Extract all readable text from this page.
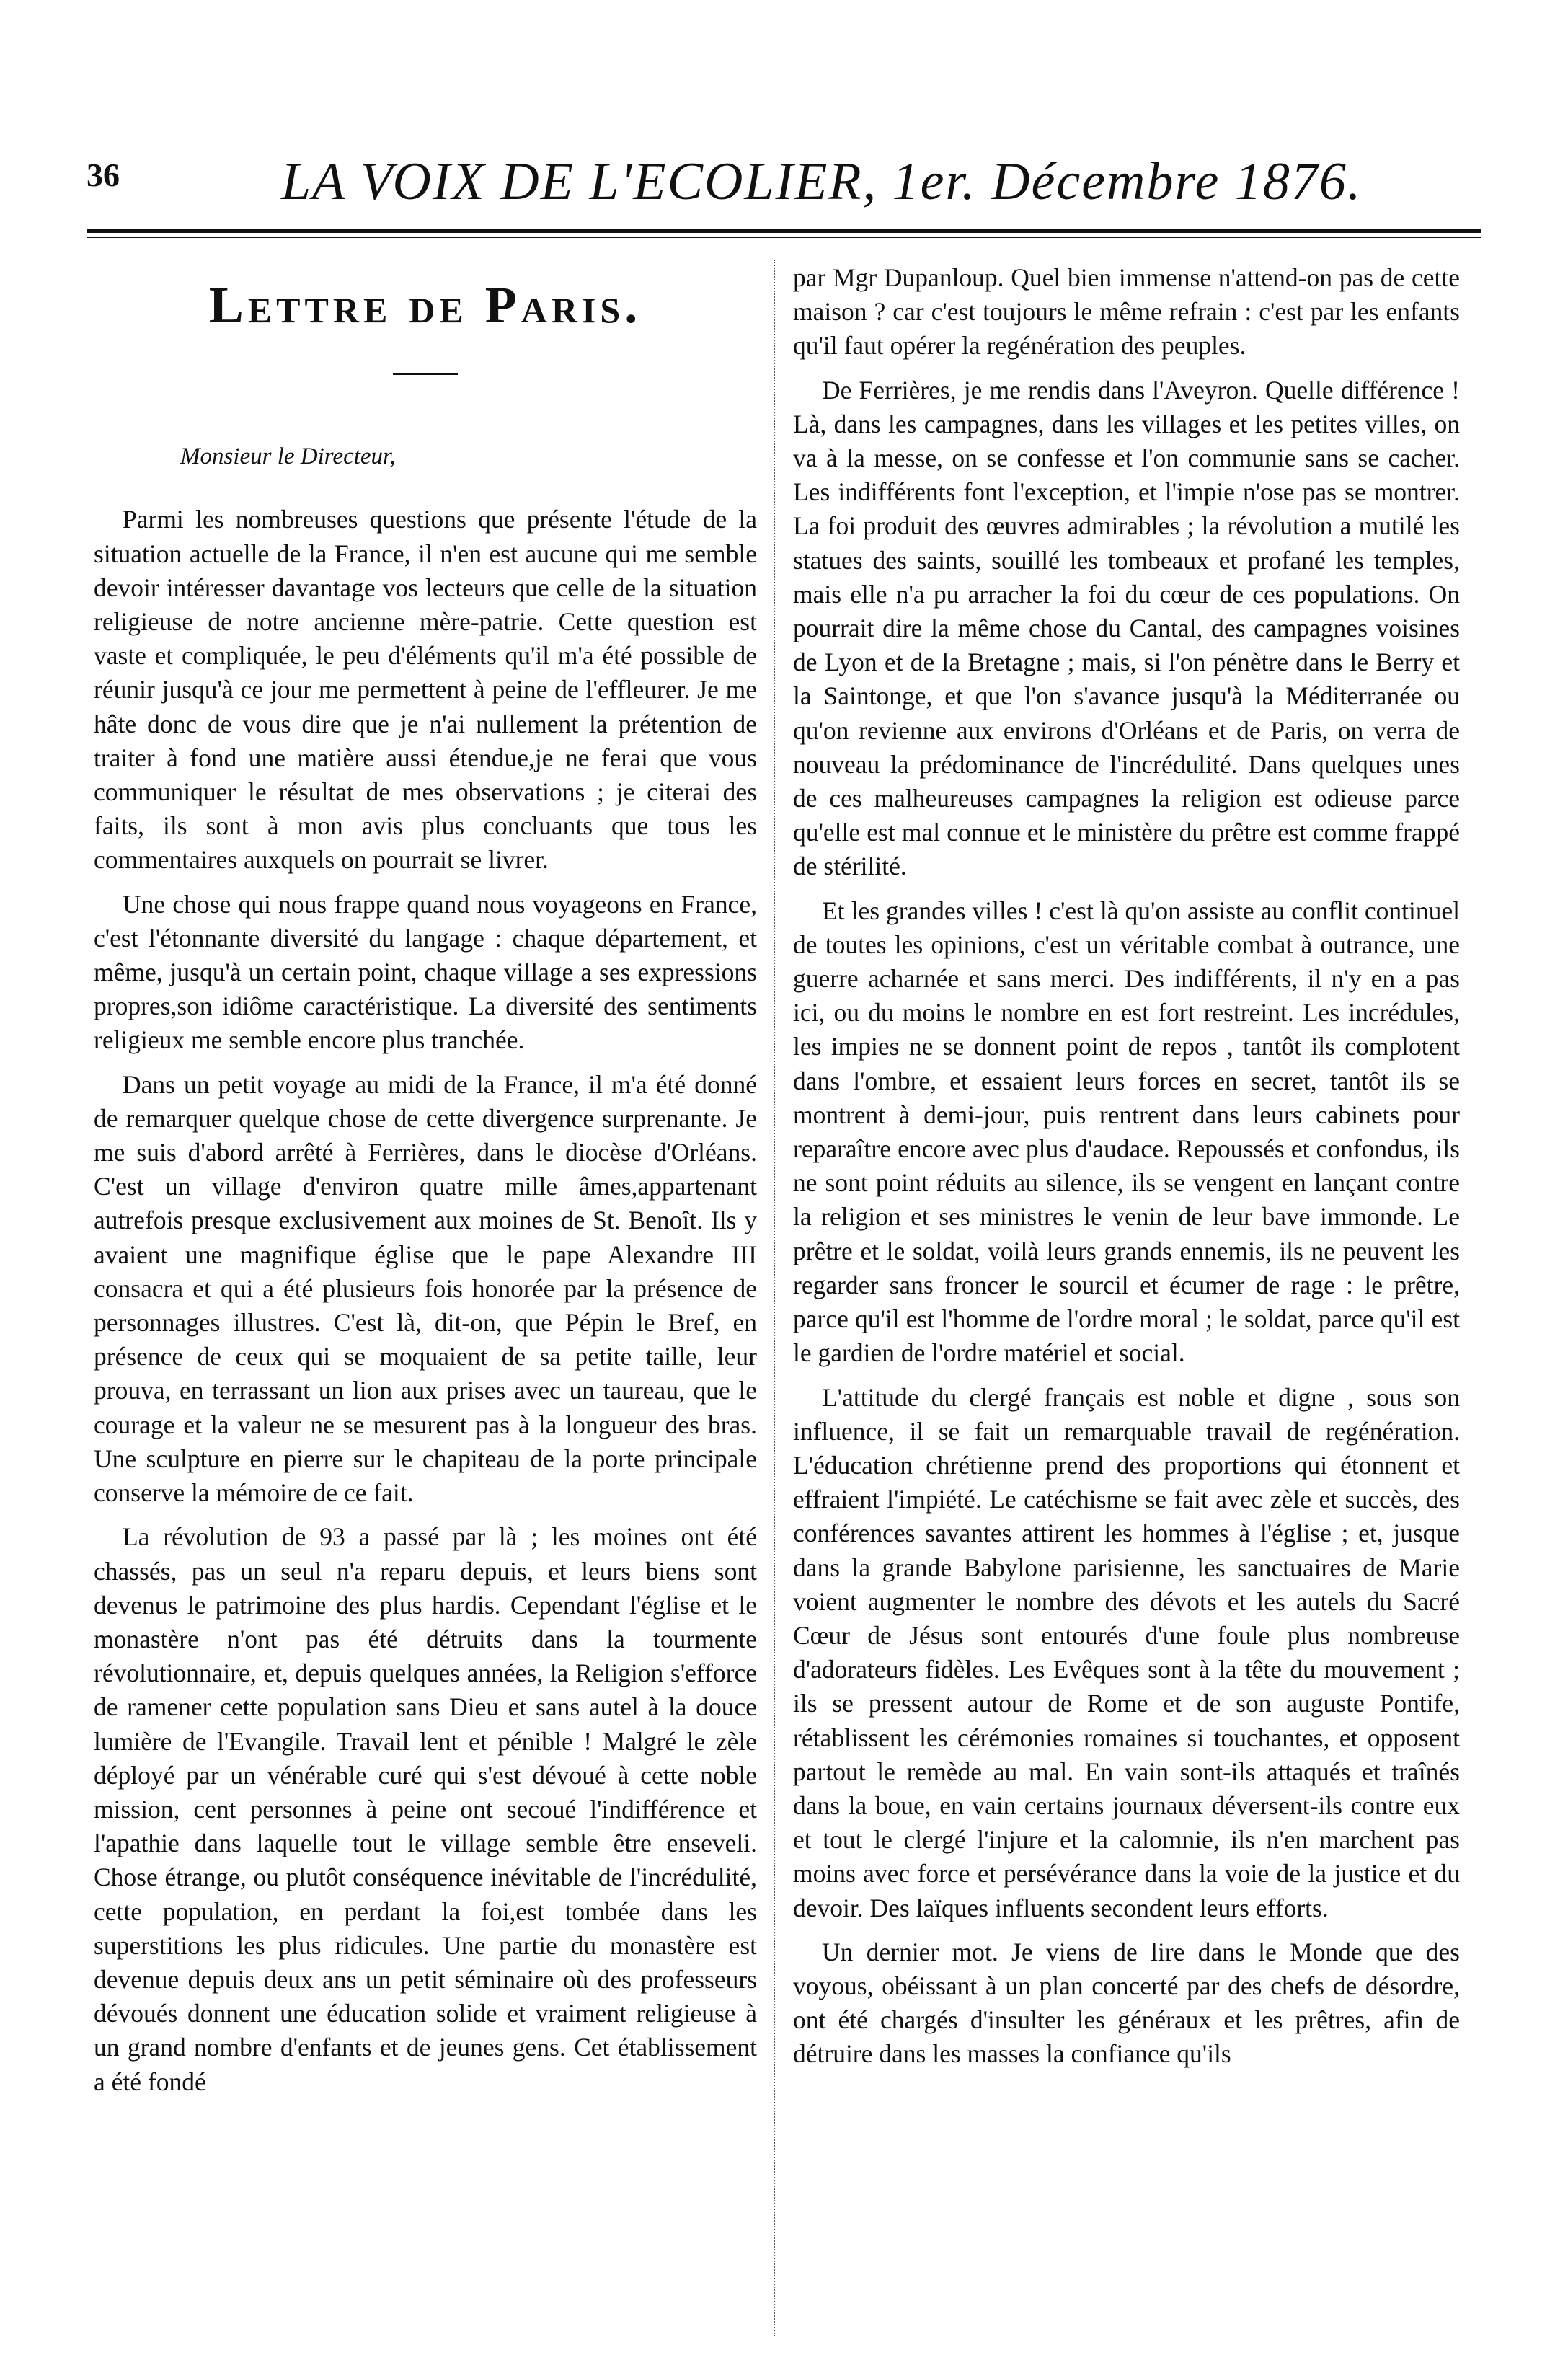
36	LA VOIX DE L'ECOLIER, 1er. Décembre 1876.
Lettre de Paris.
Monsieur le Directeur,

Parmi les nombreuses questions que présente l'étude de la situation actuelle de la France, il n'en est aucune qui me semble devoir intéresser davantage vos lecteurs que celle de la situation religieuse de notre ancienne mère-patrie. Cette question est vaste et compliquée, le peu d'éléments qu'il m'a été possible de réunir jusqu'à ce jour me permettent à peine de l'effleurer. Je me hâte donc de vous dire que je n'ai nullement la prétention de traiter à fond une matière aussi étendue,je ne ferai que vous communiquer le résultat de mes observations ; je citerai des faits, ils sont à mon avis plus concluants que tous les commentaires auxquels on pourrait se livrer.

Une chose qui nous frappe quand nous voyageons en France, c'est l'étonnante diversité du langage : chaque département, et même, jusqu'à un certain point, chaque village a ses expressions propres,son idiôme caractéristique. La diversité des sentiments religieux me semble encore plus tranchée.

Dans un petit voyage au midi de la France, il m'a été donné de remarquer quelque chose de cette divergence surprenante. Je me suis d'abord arrêté à Ferrières, dans le diocèse d'Orléans. C'est un village d'environ quatre mille âmes,appartenant autrefois presque exclusivement aux moines de St. Benoît. Ils y avaient une magnifique église que le pape Alexandre III consacra et qui a été plusieurs fois honorée par la présence de personnages illustres. C'est là, dit-on, que Pépin le Bref, en présence de ceux qui se moquaient de sa petite taille, leur prouva, en terrassant un lion aux prises avec un taureau, que le courage et la valeur ne se mesurent pas à la longueur des bras. Une sculpture en pierre sur le chapiteau de la porte principale conserve la mémoire de ce fait.

La révolution de 93 a passé par là ; les moines ont été chassés, pas un seul n'a reparu depuis, et leurs biens sont devenus le patrimoine des plus hardis. Cependant l'église et le monastère n'ont pas été détruits dans la tourmente révolutionnaire, et, depuis quelques années, la Religion s'efforce de ramener cette population sans Dieu et sans autel à la douce lumière de l'Evangile. Travail lent et pénible ! Malgré le zèle déployé par un vénérable curé qui s'est dévoué à cette noble mission, cent personnes à peine ont secoué l'indifférence et l'apathie dans laquelle tout le village semble être enseveli. Chose étrange, ou plutôt conséquence inévitable de l'incrédulité, cette population, en perdant la foi,est tombée dans les superstitions les plus ridicules. Une partie du monastère est devenue depuis deux ans un petit séminaire où des professeurs dévoués donnent une éducation solide et vraiment religieuse à un grand nombre d'enfants et de jeunes gens. Cet établissement a été fondé

par Mgr Dupanloup. Quel bien immense n'attend-on pas de cette maison ? car c'est toujours le même refrain : c'est par les enfants qu'il faut opérer la regénération des peuples.

De Ferrières, je me rendis dans l'Aveyron. Quelle différence ! Là, dans les campagnes, dans les villages et les petites villes, on va à la messe, on se confesse et l'on communie sans se cacher. Les indifférents font l'exception, et l'impie n'ose pas se montrer. La foi produit des œuvres admirables ; la révolution a mutilé les statues des saints, souillé les tombeaux et profané les temples, mais elle n'a pu arracher la foi du cœur de ces populations. On pourrait dire la même chose du Cantal, des campagnes voisines de Lyon et de la Bretagne ; mais, si l'on pénètre dans le Berry et la Saintonge, et que l'on s'avance jusqu'à la Méditerranée ou qu'on revienne aux environs d'Orléans et de Paris, on verra de nouveau la prédominance de l'incrédulité. Dans quelques unes de ces malheureuses campagnes la religion est odieuse parce qu'elle est mal connue et le ministère du prêtre est comme frappé de stérilité.

Et les grandes villes ! c'est là qu'on assiste au conflit continuel de toutes les opinions, c'est un véritable combat à outrance, une guerre acharnée et sans merci. Des indifférents, il n'y en a pas ici, ou du moins le nombre en est fort restreint. Les incrédules, les impies ne se donnent point de repos , tantôt ils complotent dans l'ombre, et essaient leurs forces en secret, tantôt ils se montrent à demi-jour, puis rentrent dans leurs cabinets pour reparaître encore avec plus d'audace. Repoussés et confondus, ils ne sont point réduits au silence, ils se vengent en lançant contre la religion et ses ministres le venin de leur bave immonde. Le prêtre et le soldat, voilà leurs grands ennemis, ils ne peuvent les regarder sans froncer le sourcil et écumer de rage : le prêtre, parce qu'il est l'homme de l'ordre moral ; le soldat, parce qu'il est le gardien de l'ordre matériel et social.

L'attitude du clergé français est noble et digne , sous son influence, il se fait un remarquable travail de regénération. L'éducation chrétienne prend des proportions qui étonnent et effraient l'impiété. Le catéchisme se fait avec zèle et succès, des conférences savantes attirent les hommes à l'église ; et, jusque dans la grande Babylone parisienne, les sanctuaires de Marie voient augmenter le nombre des dévots et les autels du Sacré Cœur de Jésus sont entourés d'une foule plus nombreuse d'adorateurs fidèles. Les Evêques sont à la tête du mouvement ; ils se pressent autour de Rome et de son auguste Pontife, rétablissent les cérémonies romaines si touchantes, et opposent partout le remède au mal. En vain sont-ils attaqués et traînés dans la boue, en vain certains journaux déversent-ils contre eux et tout le clergé l'injure et la calomnie, ils n'en marchent pas moins avec force et persévérance dans la voie de la justice et du devoir. Des laïques influents secondent leurs efforts.

Un dernier mot. Je viens de lire dans le Monde que des voyous, obéissant à un plan concerté par des chefs de désordre, ont été chargés d'insulter les généraux et les prêtres, afin de détruire dans les masses la confiance qu'ils
